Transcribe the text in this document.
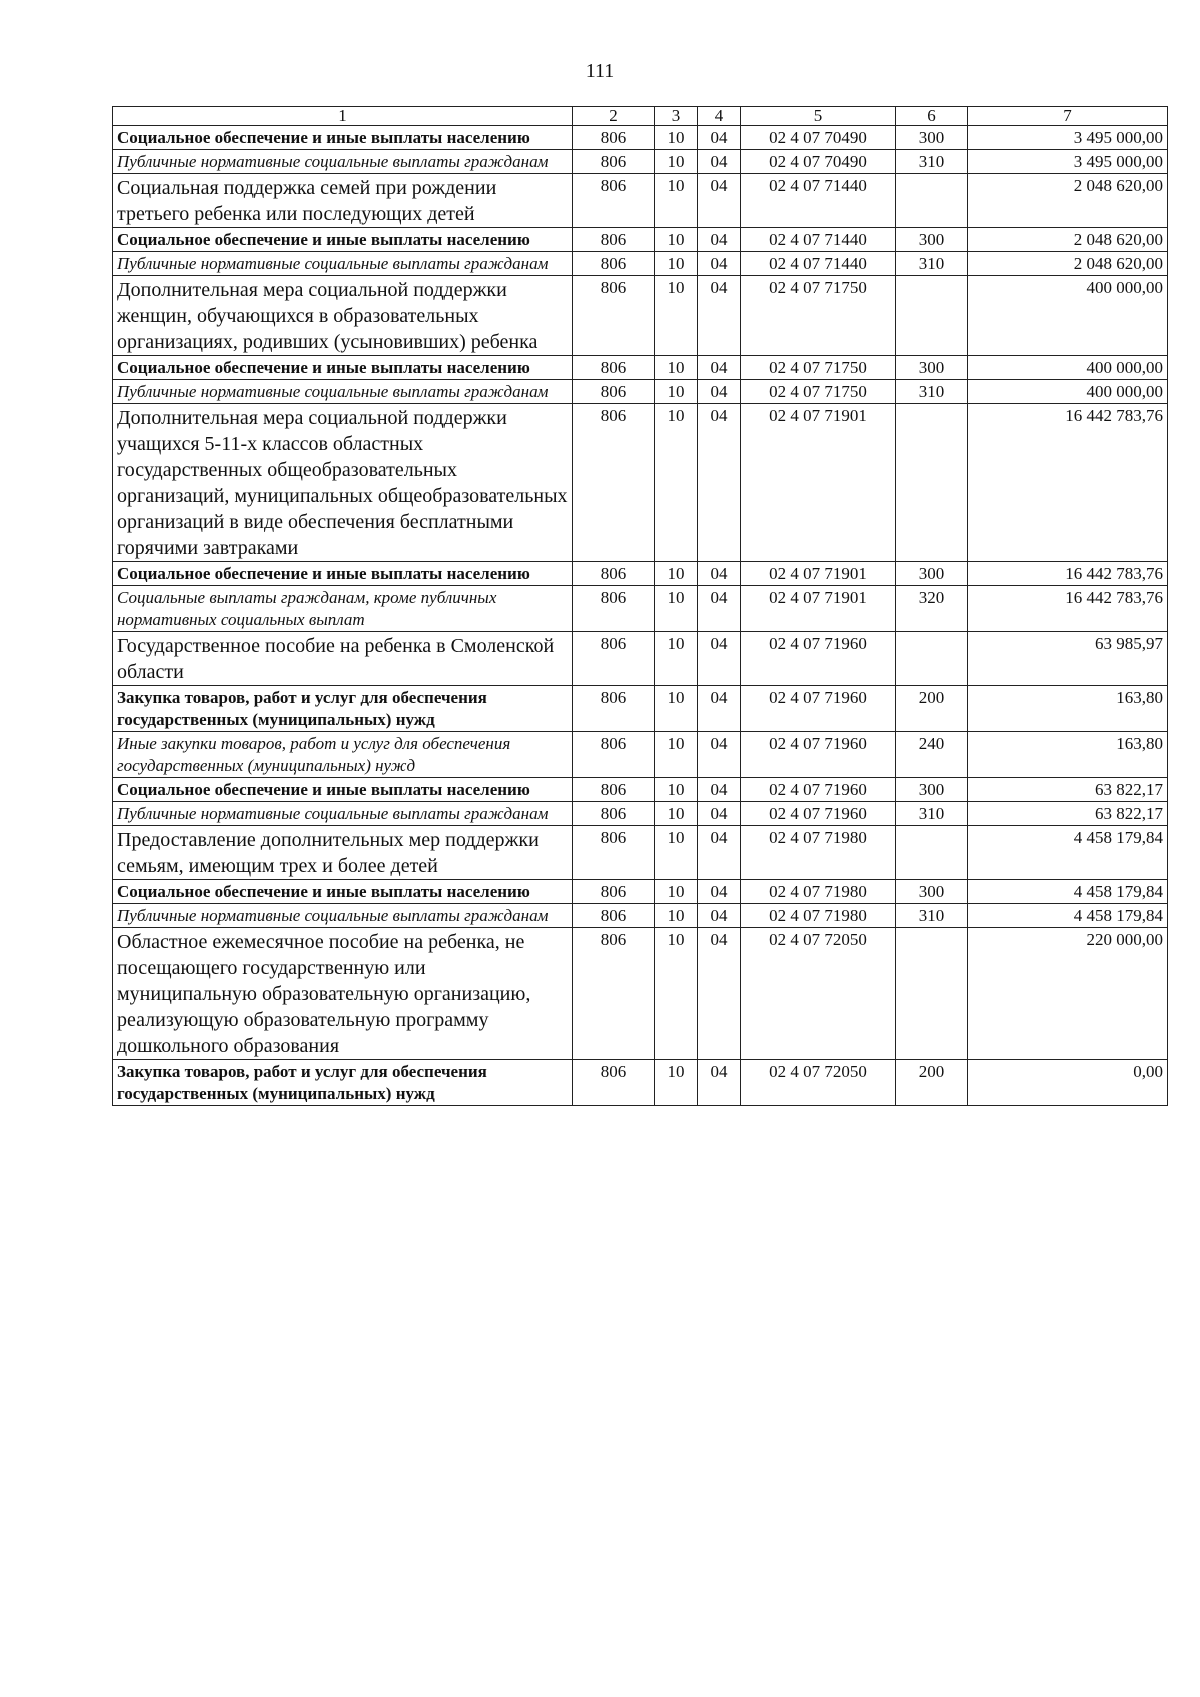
111
1	2	3	4	5	6	7
Социальное обеспечение и иные выплаты населению	806	10	04	02 4 07 70490	300	3 495 000,00
Публичные нормативные социальные выплаты гражданам	806	10	04	02 4 07 70490	310	3 495 000,00
Социальная поддержка семей при рождении третьего ребенка или последующих детей	806	10	04	02 4 07 71440		2 048 620,00
Социальное обеспечение и иные выплаты населению	806	10	04	02 4 07 71440	300	2 048 620,00
Публичные нормативные социальные выплаты гражданам	806	10	04	02 4 07 71440	310	2 048 620,00
Дополнительная мера социальной поддержки женщин, обучающихся в образовательных организациях, родивших (усыновивших) ребенка	806	10	04	02 4 07 71750		400 000,00
Социальное обеспечение и иные выплаты населению	806	10	04	02 4 07 71750	300	400 000,00
Публичные нормативные социальные выплаты гражданам	806	10	04	02 4 07 71750	310	400 000,00
Дополнительная мера социальной поддержки учащихся 5-11-х классов областных государственных общеобразовательных организаций, муниципальных общеобразовательных организаций в виде обеспечения бесплатными горячими завтраками	806	10	04	02 4 07 71901		16 442 783,76
Социальное обеспечение и иные выплаты населению	806	10	04	02 4 07 71901	300	16 442 783,76
Социальные выплаты гражданам, кроме публичных нормативных социальных выплат	806	10	04	02 4 07 71901	320	16 442 783,76
Государственное пособие на ребенка в Смоленской области	806	10	04	02 4 07 71960		63 985,97
Закупка товаров, работ и услуг для обеспечения государственных (муниципальных) нужд	806	10	04	02 4 07 71960	200	163,80
Иные закупки товаров, работ и услуг для обеспечения государственных (муниципальных) нужд	806	10	04	02 4 07 71960	240	163,80
Социальное обеспечение и иные выплаты населению	806	10	04	02 4 07 71960	300	63 822,17
Публичные нормативные социальные выплаты гражданам	806	10	04	02 4 07 71960	310	63 822,17
Предоставление дополнительных мер поддержки семьям, имеющим трех и более детей	806	10	04	02 4 07 71980		4 458 179,84
Социальное обеспечение и иные выплаты населению	806	10	04	02 4 07 71980	300	4 458 179,84
Публичные нормативные социальные выплаты гражданам	806	10	04	02 4 07 71980	310	4 458 179,84
Областное ежемесячное пособие на ребенка, не посещающего государственную или муниципальную образовательную организацию, реализующую образовательную программу дошкольного образования	806	10	04	02 4 07 72050		220 000,00
Закупка товаров, работ и услуг для обеспечения государственных (муниципальных) нужд	806	10	04	02 4 07 72050	200	0,00
